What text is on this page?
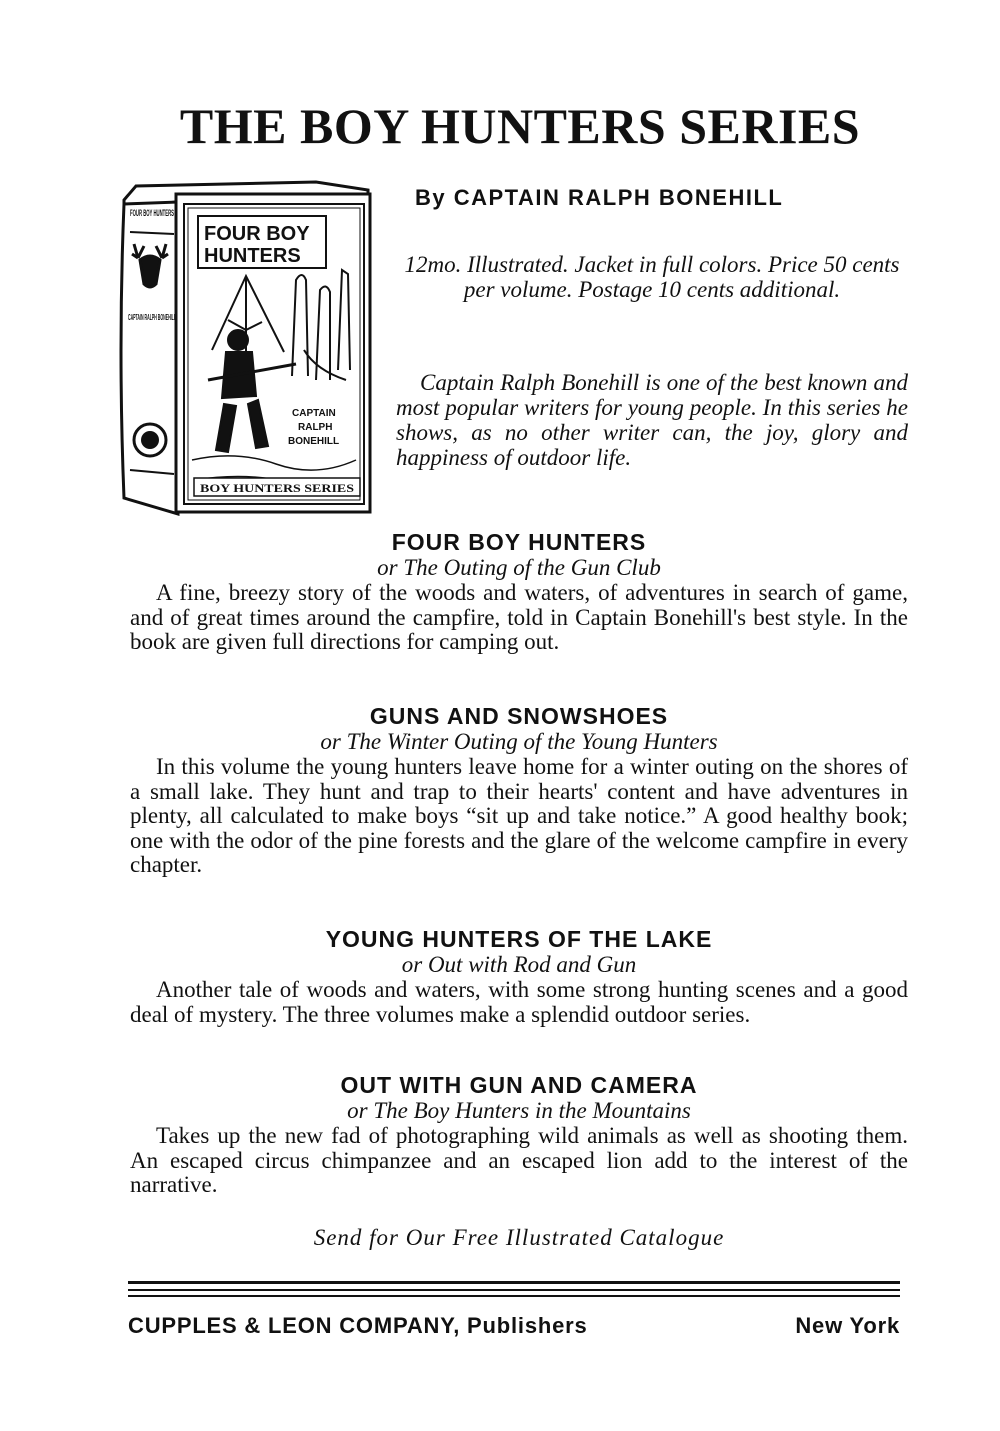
THE BOY HUNTERS SERIES
FOUR BOY HUNTERS
CAPTAIN RALPH BONEHILL
FOUR BOY
HUNTERS
CAPTAIN
RALPH
BONEHILL
BOY HUNTERS SERIES
By CAPTAIN RALPH BONEHILL
12mo. Illustrated. Jacket in full colors. Price 50 cents per volume. Postage 10 cents additional.
Captain Ralph Bonehill is one of the best known and most popular writers for young people. In this series he shows, as no other writer can, the joy, glory and happiness of outdoor life.
FOUR BOY HUNTERS
or The Outing of the Gun Club
A fine, breezy story of the woods and waters, of adventures in search of game, and of great times around the campfire, told in Captain Bonehill's best style. In the book are given full directions for camping out.
GUNS AND SNOWSHOES
or The Winter Outing of the Young Hunters
In this volume the young hunters leave home for a winter outing on the shores of a small lake. They hunt and trap to their hearts' content and have adventures in plenty, all calculated to make boys “sit up and take notice.” A good healthy book; one with the odor of the pine forests and the glare of the welcome campfire in every chapter.
YOUNG HUNTERS OF THE LAKE
or Out with Rod and Gun
Another tale of woods and waters, with some strong hunting scenes and a good deal of mystery. The three volumes make a splendid outdoor series.
OUT WITH GUN AND CAMERA
or The Boy Hunters in the Mountains
Takes up the new fad of photographing wild animals as well as shooting them. An escaped circus chimpanzee and an escaped lion add to the interest of the narrative.
Send for Our Free Illustrated Catalogue
CUPPLES & LEON COMPANY, Publishers	New York
